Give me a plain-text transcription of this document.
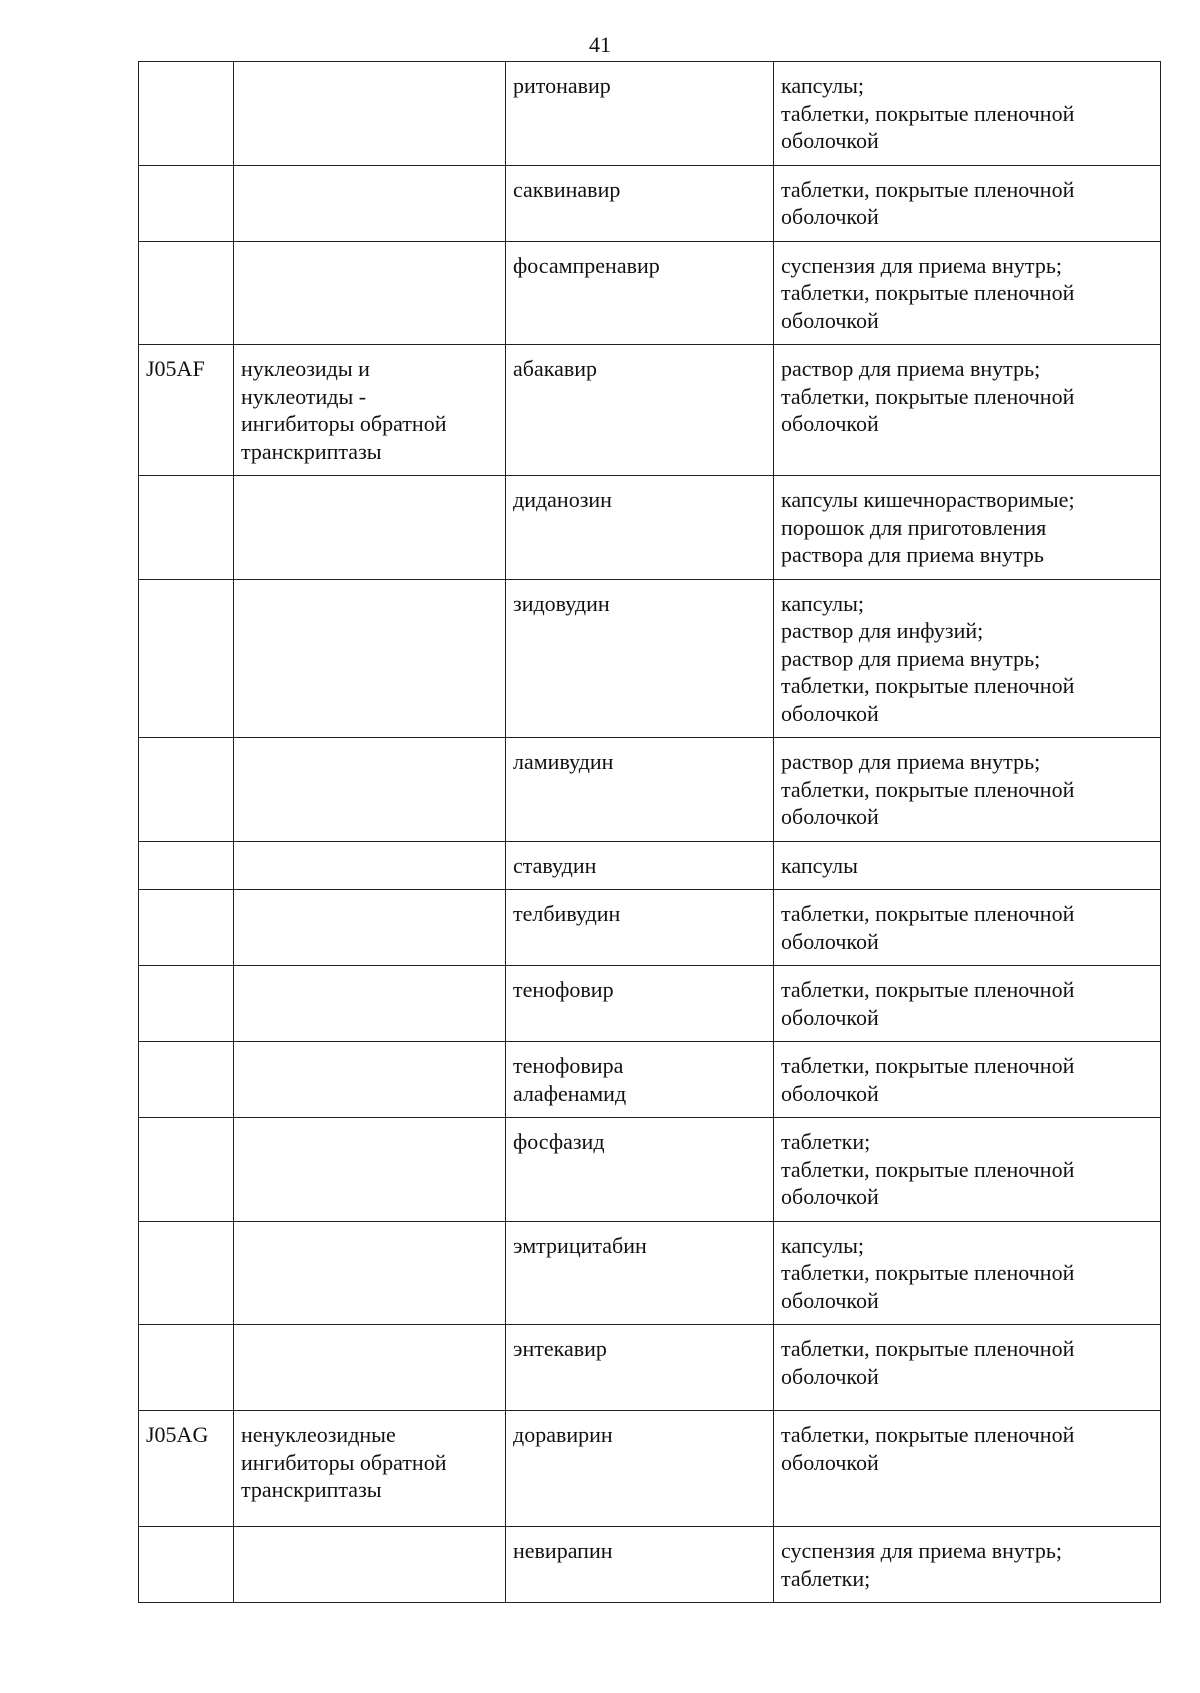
41

		ритонавир	капсулы;
таблетки, покрытые пленочной
оболочкой

		саквинавир	таблетки, покрытые пленочной
оболочкой

		фосампренавир	суспензия для приема внутрь;
таблетки, покрытые пленочной
оболочкой

J05AF	нуклеозиды и
нуклеотиды -
ингибиторы обратной
транскриптазы	абакавир	раствор для приема внутрь;
таблетки, покрытые пленочной
оболочкой

		диданозин	капсулы кишечнорастворимые;
порошок для приготовления
раствора для приема внутрь

		зидовудин	капсулы;
раствор для инфузий;
раствор для приема внутрь;
таблетки, покрытые пленочной
оболочкой

		ламивудин	раствор для приема внутрь;
таблетки, покрытые пленочной
оболочкой

		ставудин	капсулы

		телбивудин	таблетки, покрытые пленочной
оболочкой

		тенофовир	таблетки, покрытые пленочной
оболочкой

		тенофовира
алафенамид	таблетки, покрытые пленочной
оболочкой

		фосфазид	таблетки;
таблетки, покрытые пленочной
оболочкой

		эмтрицитабин	капсулы;
таблетки, покрытые пленочной
оболочкой

		энтекавир	таблетки, покрытые пленочной
оболочкой

J05AG	ненуклеозидные
ингибиторы обратной
транскриптазы	доравирин	таблетки, покрытые пленочной
оболочкой

		невирапин	суспензия для приема внутрь;
таблетки;
